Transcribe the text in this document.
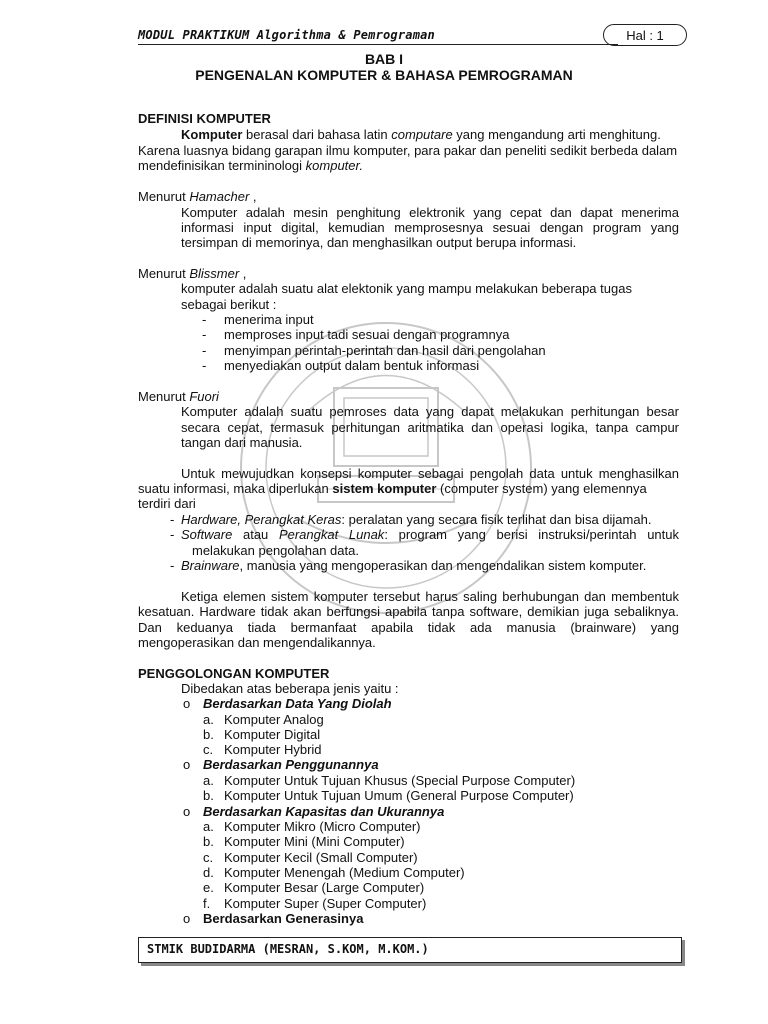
MODUL PRAKTIKUM Algorithma & Pemrograman	Hal : 1
BAB I
PENGENALAN KOMPUTER & BAHASA PEMROGRAMAN
DEFINISI KOMPUTER
Komputer berasal dari bahasa latin computare yang mengandung arti menghitung.
Karena luasnya bidang garapan ilmu komputer, para pakar dan peneliti sedikit berbeda dalam
mendefinisikan termininologi komputer.
Menurut Hamacher ,
Komputer adalah mesin penghitung elektronik yang cepat dan dapat menerima
informasi input digital, kemudian memprosesnya sesuai dengan program yang
tersimpan di memorinya, dan menghasilkan output berupa informasi.
Menurut Blissmer ,
komputer adalah suatu alat elektonik yang mampu melakukan beberapa tugas
sebagai berikut :
- menerima input
- memproses input tadi sesuai dengan programnya
- menyimpan perintah-perintah dan hasil dari pengolahan
- menyediakan output dalam bentuk informasi
Menurut Fuori
Komputer adalah suatu pemroses data yang dapat melakukan perhitungan besar
secara cepat, termasuk perhitungan aritmatika dan operasi logika, tanpa campur
tangan dari manusia.
Untuk mewujudkan konsepsi komputer sebagai pengolah data untuk menghasilkan
suatu informasi, maka diperlukan sistem komputer (computer system) yang elemennya
terdiri dari
- Hardware, Perangkat Keras: peralatan yang secara fisik terlihat dan bisa dijamah.
- Software atau Perangkat Lunak: program yang berisi instruksi/perintah untuk
melakukan pengolahan data.
- Brainware, manusia yang mengoperasikan dan mengendalikan sistem komputer.
Ketiga elemen sistem komputer tersebut harus saling berhubungan dan membentuk
kesatuan. Hardware tidak akan berfungsi apabila tanpa software, demikian juga sebaliknya.
Dan keduanya tiada bermanfaat apabila tidak ada manusia (brainware) yang
mengoperasikan dan mengendalikannya.
PENGGOLONGAN KOMPUTER
Dibedakan atas beberapa jenis yaitu :
o Berdasarkan Data Yang Diolah
a. Komputer Analog
b. Komputer Digital
c. Komputer Hybrid
o Berdasarkan Penggunannya
a. Komputer Untuk Tujuan Khusus (Special Purpose Computer)
b. Komputer Untuk Tujuan Umum (General Purpose Computer)
o Berdasarkan Kapasitas dan Ukurannya
a. Komputer Mikro (Micro Computer)
b. Komputer Mini (Mini Computer)
c. Komputer Kecil (Small Computer)
d. Komputer Menengah (Medium Computer)
e. Komputer Besar (Large Computer)
f. Komputer Super (Super Computer)
o Berdasarkan Generasinya
STMIK BUDIDARMA (MESRAN, S.KOM, M.KOM.)
